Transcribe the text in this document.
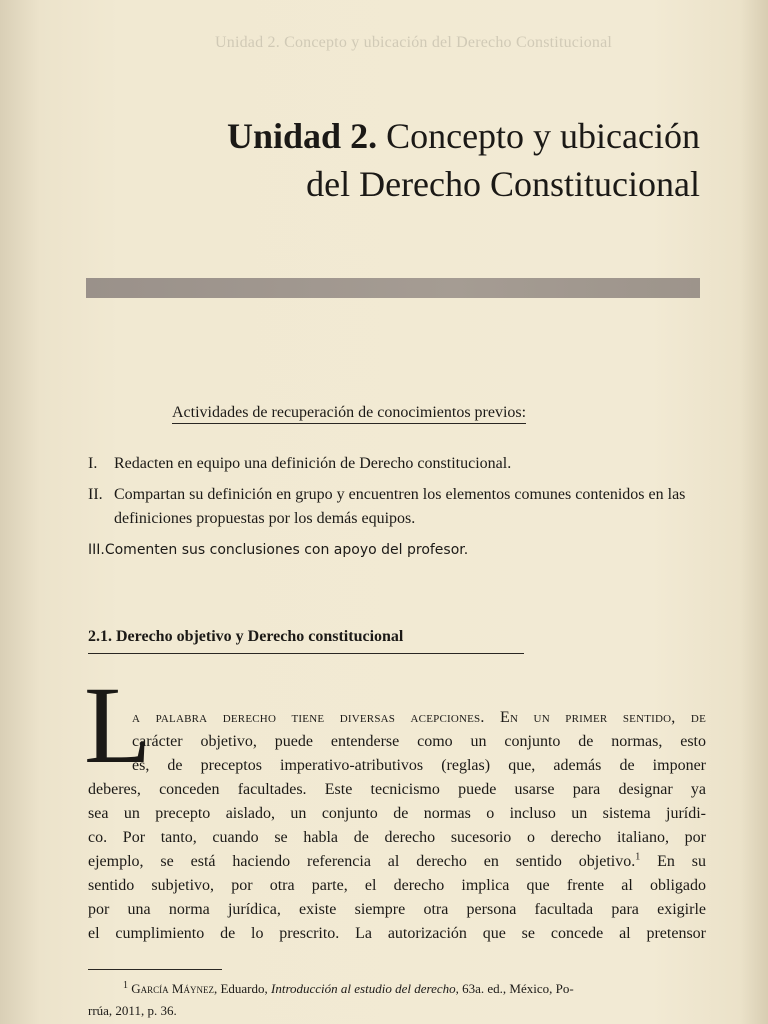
Unidad 2. Concepto y ubicación del Derecho Constitucional

Unidad 2. Concepto y ubicación
del Derecho Constitucional
Actividades de recuperación de conocimientos previos:
I.	Redacten en equipo una definición de Derecho constitucional.
II. Compartan su definición en grupo y encuentren los elementos comunes contenidos en las definiciones propuestas por los demás equipos.
III. Comenten sus conclusiones con apoyo del profesor.
2.1. Derecho objetivo y Derecho constitucional
L
a palabra derecho tiene diversas acepciones. En un primer sentido, de
carácter objetivo, puede entenderse como un conjunto de normas, esto
es, de preceptos imperativo-atributivos (reglas) que, además de imponer
deberes, conceden facultades. Este tecnicismo puede usarse para designar ya
sea un precepto aislado, un conjunto de normas o incluso un sistema jurídi-
co. Por tanto, cuando se habla de derecho sucesorio o derecho italiano, por
ejemplo, se está haciendo referencia al derecho en sentido objetivo.$^1$ En su
sentido subjetivo, por otra parte, el derecho implica que frente al obligado
por una norma jurídica, existe siempre otra persona facultada para exigirle
el cumplimiento de lo prescrito. La autorización que se concede al pretensor
1 García Máynez, Eduardo, Introducción al estudio del derecho, 63a. ed., México, Po-
rrúa, 2011, p. 36.
